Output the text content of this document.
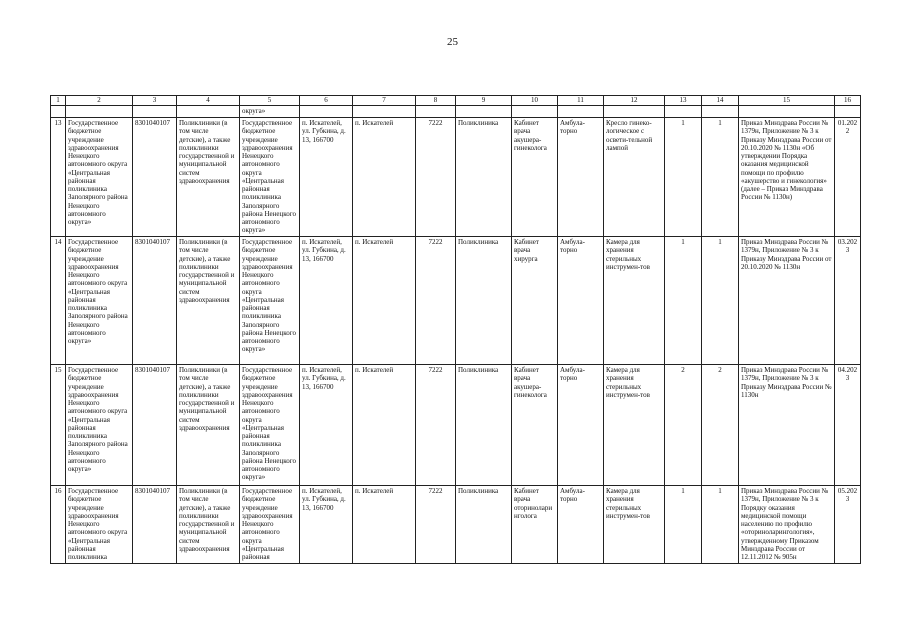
25
1	2	3	4	5	6	7	8	9	10	11	12	13	14	15	16
				округа»											
13	Государственное бюджетное учреждение здравоохранения Ненецкого автономного округа «Центральная районная поликлиника Заполярного района Ненецкого автономного округа»	8301040107	Поликлиники (в том числе детские), а также поликлиники государственной и муниципальной систем здравоохранения	Государственное бюджетное учреждение здравоохранения Ненецкого автономного округа «Центральная районная поликлиника Заполярного района Ненецкого автономного округа»	п. Искателей, ул. Губкина, д. 13, 166700	п. Искателей	7222	Поликлиника	Кабинет врача акушера-гинеколога	Амбула-торно	Кресло гинеко-логическое с освети-тельной лампой	1	1	Приказ Минздрава России № 1379н, Приложение № 3 к Приказу Минздрава России от 20.10.2020 № 1130н «Об утверждении Порядка оказания медицинской помощи по профилю «акушерство и гинекология» (далее – Приказ Минздрава России № 1130н)	01.2022
14	Государственное бюджетное учреждение здравоохранения Ненецкого автономного округа «Центральная районная поликлиника Заполярного района Ненецкого автономного округа»	8301040107	Поликлиники (в том числе детские), а также поликлиники государственной и муниципальной систем здравоохранения	Государственное бюджетное учреждение здравоохранения Ненецкого автономного округа «Центральная районная поликлиника Заполярного района Ненецкого автономного округа»	п. Искателей, ул. Губкина, д. 13, 166700	п. Искателей	7222	Поликлиника	Кабинет врача хирурга	Амбула-торно	Камера для хранения стерильных инструмен-тов	1	1	Приказ Минздрава России № 1379н, Приложение № 3 к Приказу Минздрава России от 20.10.2020 № 1130н	03.2023
15	Государственное бюджетное учреждение здравоохранения Ненецкого автономного округа «Центральная районная поликлиника Заполярного района Ненецкого автономного округа»	8301040107	Поликлиники (в том числе детские), а также поликлиники государственной и муниципальной систем здравоохранения	Государственное бюджетное учреждение здравоохранения Ненецкого автономного округа «Центральная районная поликлиника Заполярного района Ненецкого автономного округа»	п. Искателей, ул. Губкина, д. 13, 166700	п. Искателей	7222	Поликлиника	Кабинет врача акушера-гинеколога	Амбула-торно	Камера для хранения стерильных инструмен-тов	2	2	Приказ Минздрава России № 1379н, Приложение № 3 к Приказу Минздрава России № 1130н	04.2023
16	Государственное бюджетное учреждение здравоохранения Ненецкого автономного округа «Центральная районная поликлиника	8301040107	Поликлиники (в том числе детские), а также поликлиники государственной и муниципальной систем здравоохранения	Государственное бюджетное учреждение здравоохранения Ненецкого автономного округа «Центральная районная	п. Искателей, ул. Губкина, д. 13, 166700	п. Искателей	7222	Поликлиника	Кабинет врача оториноларинголога	Амбула-торно	Камера для хранения стерильных инструмен-тов	1	1	Приказ Минздрава России № 1379н, Приложение № 3 к Порядку оказания медицинской помощи населению по профилю «оториноларингология», утвержденному Приказом Минздрава России от 12.11.2012 № 905н	05.2023
